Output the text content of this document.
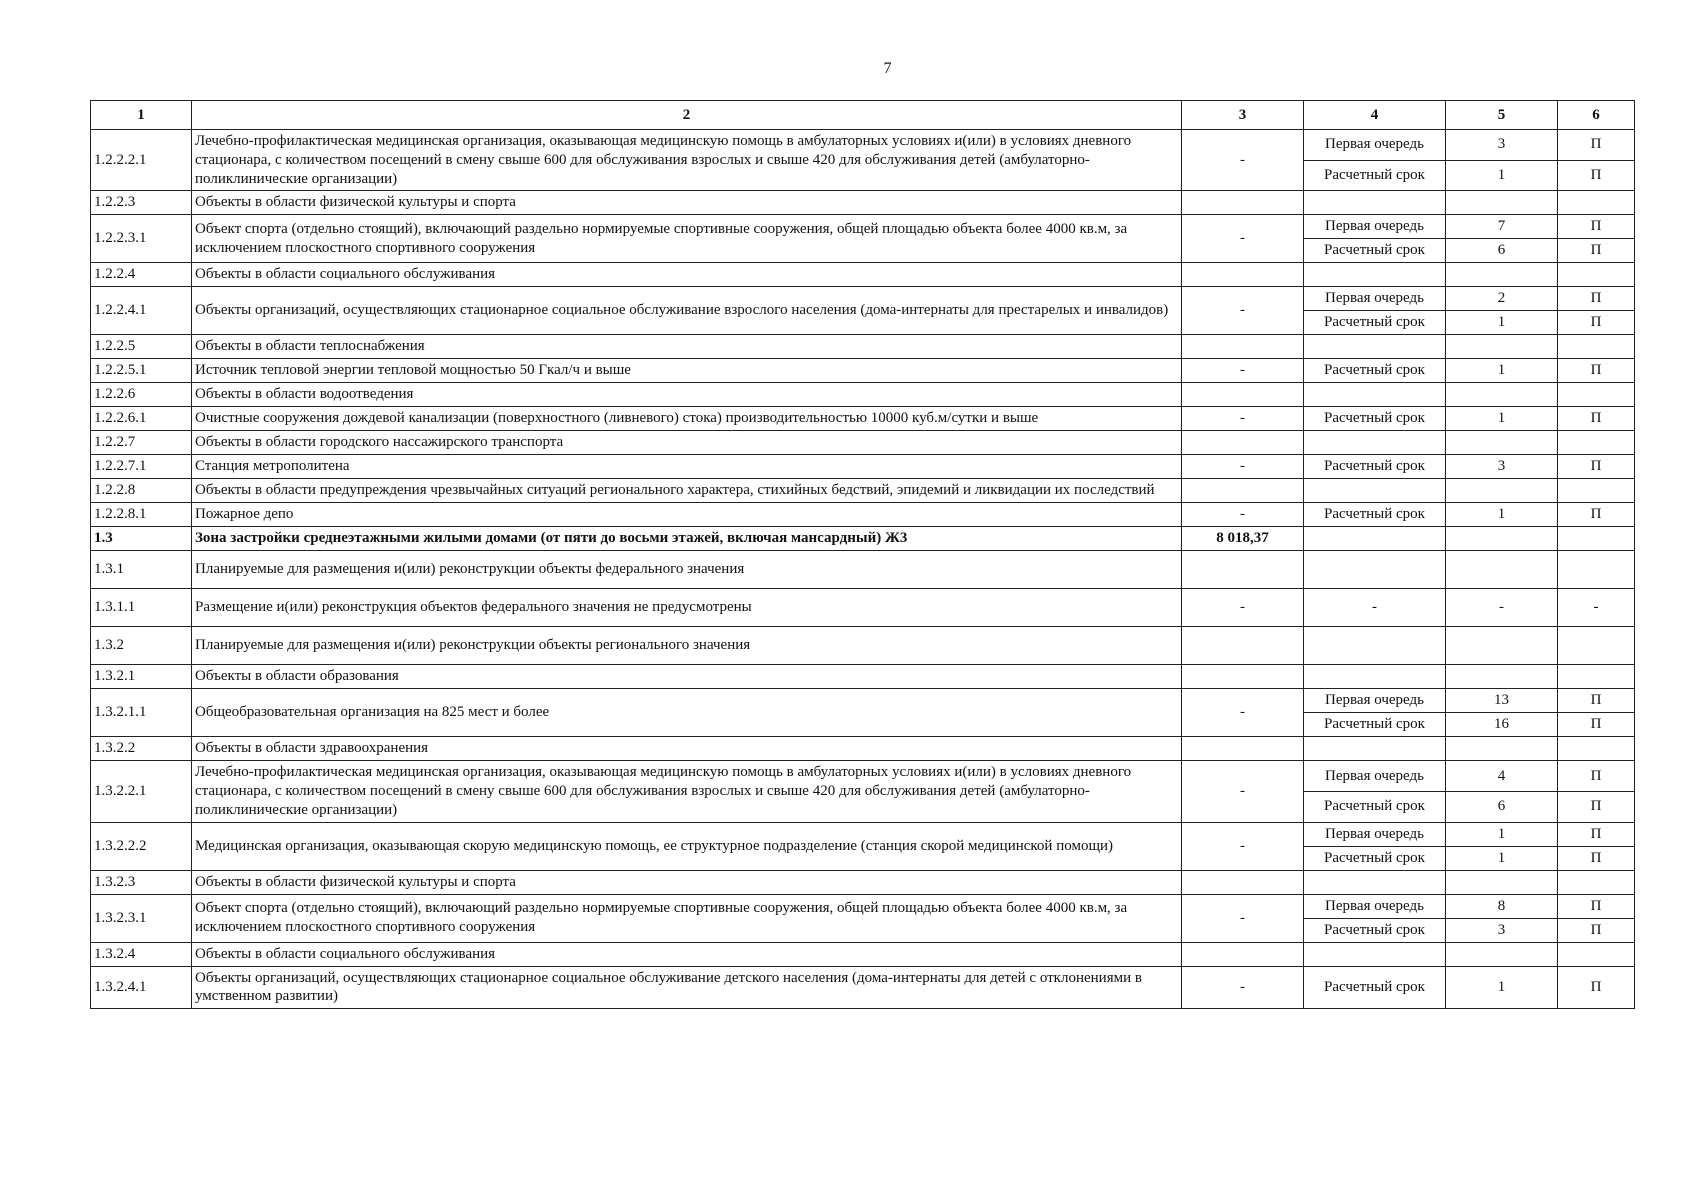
7
1	2	3	4	5	6
1.2.2.2.1	Лечебно-профилактическая медицинская организация, оказывающая медицинскую помощь в амбулаторных условиях и(или) в условиях дневного стационара, с количеством посещений в смену свыше 600 для обслуживания взрослых и свыше 420 для обслуживания детей (амбулаторно-поликлинические организации)	-	Первая очередь	3	П
			Расчетный срок	1	П
1.2.2.3	Объекты в области физической культуры и спорта				
1.2.2.3.1	Объект спорта (отдельно стоящий), включающий раздельно нормируемые спортивные сооружения, общей площадью объекта более 4000 кв.м, за исключением плоскостного спортивного сооружения	-	Первая очередь	7	П
			Расчетный срок	6	П
1.2.2.4	Объекты в области социального обслуживания				
1.2.2.4.1	Объекты организаций, осуществляющих стационарное социальное обслуживание взрослого населения (дома-интернаты для престарелых и инвалидов)	-	Первая очередь	2	П
			Расчетный срок	1	П
1.2.2.5	Объекты в области теплоснабжения				
1.2.2.5.1	Источник тепловой энергии тепловой мощностью 50 Гкал/ч и выше	-	Расчетный срок	1	П
1.2.2.6	Объекты в области водоотведения				
1.2.2.6.1	Очистные сооружения дождевой канализации (поверхностного (ливневого) стока) производительностью 10000 куб.м/сутки и выше	-	Расчетный срок	1	П
1.2.2.7	Объекты в области городского нассажирского транспорта				
1.2.2.7.1	Станция метрополитена	-	Расчетный срок	3	П
1.2.2.8	Объекты в области предупреждения чрезвычайных ситуаций регионального характера, стихийных бедствий, эпидемий и ликвидации их последствий				
1.2.2.8.1	Пожарное депо	-	Расчетный срок	1	П
1.3	Зона застройки среднеэтажными жилыми домами (от пяти до восьми этажей, включая мансардный) Ж3	8 018,37			
1.3.1	Планируемые для размещения и(или) реконструкции объекты федерального значения				
1.3.1.1	Размещение и(или) реконструкция объектов федерального значения не предусмотрены	-	-	-	-
1.3.2	Планируемые для размещения и(или) реконструкции объекты регионального значения				
1.3.2.1	Объекты в области образования				
1.3.2.1.1	Общеобразовательная организация на 825 мест и более	-	Первая очередь	13	П
			Расчетный срок	16	П
1.3.2.2	Объекты в области здравоохранения				
1.3.2.2.1	Лечебно-профилактическая медицинская организация, оказывающая медицинскую помощь в амбулаторных условиях и(или) в условиях дневного стационара, с количеством посещений в смену свыше 600 для обслуживания взрослых и свыше 420 для обслуживания детей (амбулаторно-поликлинические организации)	-	Первая очередь	4	П
			Расчетный срок	6	П
1.3.2.2.2	Медицинская организация, оказывающая скорую медицинскую помощь, ее структурное подразделение (станция скорой медицинской помощи)	-	Первая очередь	1	П
			Расчетный срок	1	П
1.3.2.3	Объекты в области физической культуры и спорта				
1.3.2.3.1	Объект спорта (отдельно стоящий), включающий раздельно нормируемые спортивные сооружения, общей площадью объекта более 4000 кв.м, за исключением плоскостного спортивного сооружения	-	Первая очередь	8	П
			Расчетный срок	3	П
1.3.2.4	Объекты в области социального обслуживания				
1.3.2.4.1	Объекты организаций, осуществляющих стационарное социальное обслуживание детского населения (дома-интернаты для детей с отклонениями в умственном развитии)	-	Расчетный срок	1	П
